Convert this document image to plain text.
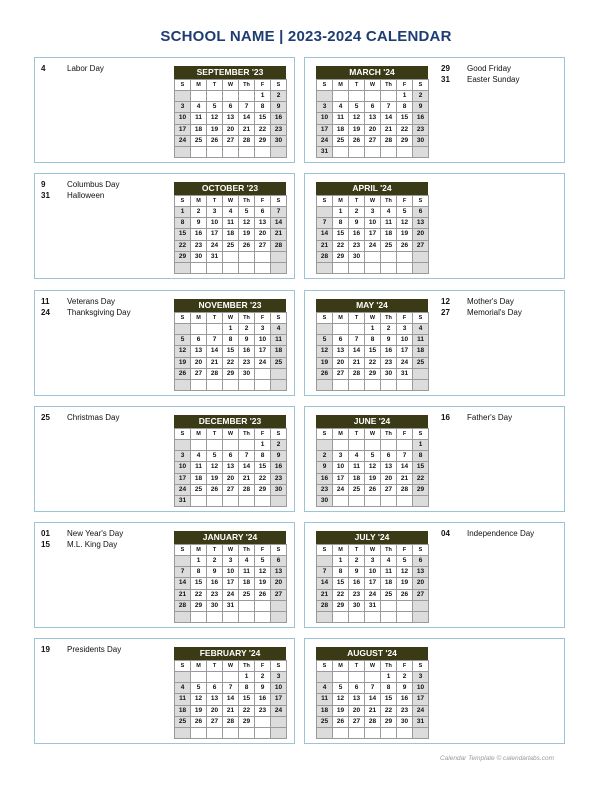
SCHOOL NAME | 2023-2024 CALENDAR
4	Labor Day	SEPTEMBER '23
S	M	T	W	Th	F	S
					1	2
3	4	5	6	7	8	9
10	11	12	13	14	15	16
17	18	19	20	21	22	23
24	25	26	27	28	29	30

29	Good Friday
31	Easter Sunday
MARCH '24
S	M	T	W	Th	F	S
					1	2
3	4	5	6	7	8	9
10	11	12	13	14	15	16
17	18	19	20	21	22	23
24	25	26	27	28	29	30
31						
9	Columbus Day
31	Halloween
OCTOBER '23
S	M	T	W	Th	F	S
1	2	3	4	5	6	7
8	9	10	11	12	13	14
15	16	17	18	19	20	21
22	23	24	25	26	27	28
29	30	31				

APRIL '24
S	M	T	W	Th	F	S
	1	2	3	4	5	6
7	8	9	10	11	12	13
14	15	16	17	18	19	20
21	22	23	24	25	26	27
28	29	30				

11	Veterans Day
24	Thanksgiving Day
NOVEMBER '23
S	M	T	W	Th	F	S
			1	2	3	4
5	6	7	8	9	10	11
12	13	14	15	16	17	18
19	20	21	22	23	24	25
26	27	28	29	30		

12	Mother's Day
27	Memorial's Day
MAY '24
S	M	T	W	Th	F	S
			1	2	3	4
5	6	7	8	9	10	11
12	13	14	15	16	17	18
19	20	21	22	23	24	25
26	27	28	29	30	31	

25	Christmas Day	DECEMBER '23
S	M	T	W	Th	F	S
					1	2
3	4	5	6	7	8	9
10	11	12	13	14	15	16
17	18	19	20	21	22	23
24	25	26	27	28	29	30
31						
16	Father's Day
JUNE '24
S	M	T	W	Th	F	S
						1
2	3	4	5	6	7	8
9	10	11	12	13	14	15
16	17	18	19	20	21	22
23	24	25	26	27	28	29
30						
01	New Year's Day
15	M.L. King Day
JANUARY '24
S	M	T	W	Th	F	S
	1	2	3	4	5	6
7	8	9	10	11	12	13
14	15	16	17	18	19	20
21	22	23	24	25	26	27
28	29	30	31			

04	Independence Day
JULY '24
S	M	T	W	Th	F	S
	1	2	3	4	5	6
7	8	9	10	11	12	13
14	15	16	17	18	19	20
21	22	23	24	25	26	27
28	29	30	31			

19	Presidents Day	FEBRUARY '24
S	M	T	W	Th	F	S
				1	2	3
4	5	6	7	8	9	10
11	12	13	14	15	16	17
18	19	20	21	22	23	24
25	26	27	28	29		

AUGUST '24
S	M	T	W	Th	F	S
				1	2	3
4	5	6	7	8	9	10
11	12	13	14	15	16	17
18	19	20	21	22	23	24
25	26	27	28	29	30	31

Calendar Template © calendarlabs.com
